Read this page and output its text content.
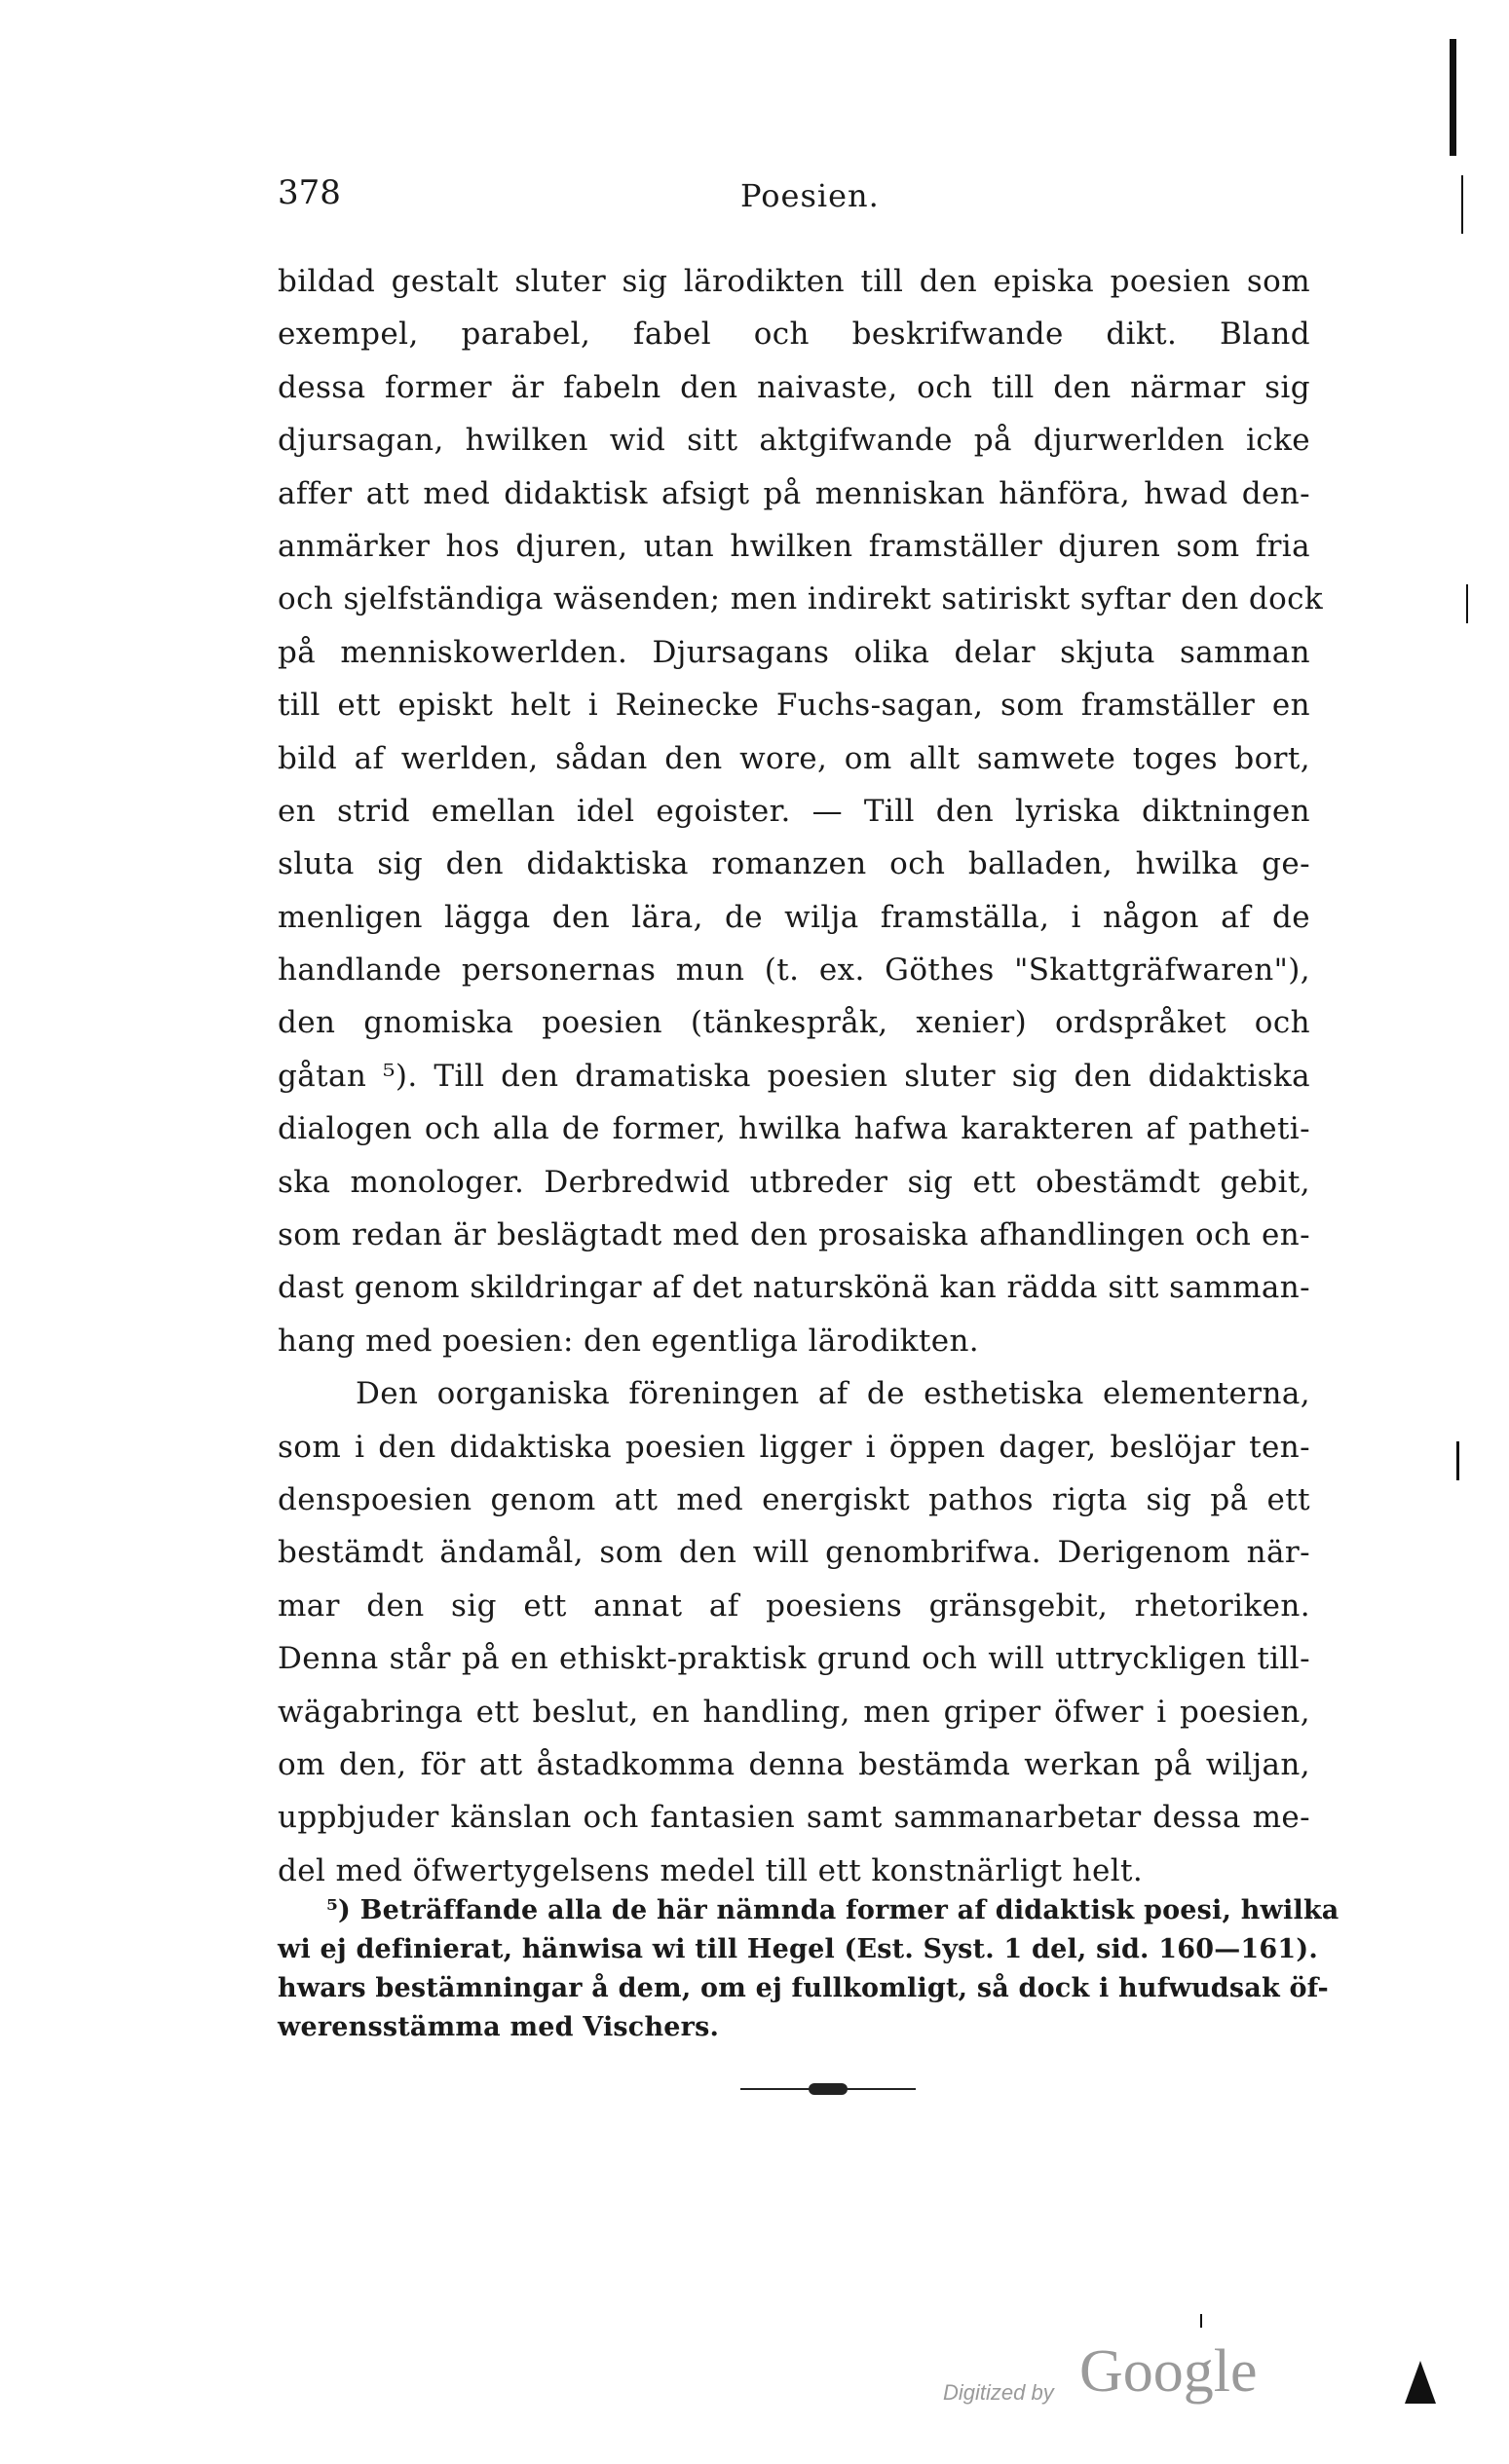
378	Poesien.
bildad gestalt sluter sig lärodikten till den episka poesien som
exempel, parabel, fabel och beskrifwande dikt. Bland
dessa former är fabeln den naivaste, och till den närmar sig
djursagan, hwilken wid sitt aktgifwande på djurwerlden icke
affer att med didaktisk afsigt på menniskan hänföra, hwad den-
anmärker hos djuren, utan hwilken framställer djuren som fria
och sjelfständiga wäsenden; men indirekt satiriskt syftar den dock
på menniskowerlden. Djursagans olika delar skjuta samman
till ett episkt helt i Reinecke Fuchs-sagan, som framställer en
bild af werlden, sådan den wore, om allt samwete toges bort,
en strid emellan idel egoister. — Till den lyriska diktningen
sluta sig den didaktiska romanzen och balladen, hwilka ge-
menligen lägga den lära, de wilja framställa, i någon af de
handlande personernas mun (t. ex. Göthes "Skattgräfwaren"),
den gnomiska poesien (tänkespråk, xenier) ordspråket och
gåtan ⁵). Till den dramatiska poesien sluter sig den didaktiska
dialogen och alla de former, hwilka hafwa karakteren af patheti-
ska monologer. Derbredwid utbreder sig ett obestämdt gebit,
som redan är beslägtadt med den prosaiska afhandlingen och en-
dast genom skildringar af det naturskönä kan rädda sitt samman-
hang med poesien: den egentliga lärodikten.
Den oorganiska föreningen af de esthetiska elementerna,
som i den didaktiska poesien ligger i öppen dager, beslöjar ten-
denspoesien genom att med energiskt pathos rigta sig på ett
bestämdt ändamål, som den will genombrifwa. Derigenom när-
mar den sig ett annat af poesiens gränsgebit, rhetoriken.
Denna står på en ethiskt-praktisk grund och will uttryckligen till-
wägabringa ett beslut, en handling, men griper öfwer i poesien,
om den, för att åstadkomma denna bestämda werkan på wiljan,
uppbjuder känslan och fantasien samt sammanarbetar dessa me-
del med öfwertygelsens medel till ett konstnärligt helt.
⁵) Beträffande alla de här nämnda former af didaktisk poesi, hwilka
wi ej definierat, hänwisa wi till Hegel (Est. Syst. 1 del, sid. 160—161).
hwars bestämningar å dem, om ej fullkomligt, så dock i hufwudsak öf-
werensstämma med Vischers.
Digitized by Google
